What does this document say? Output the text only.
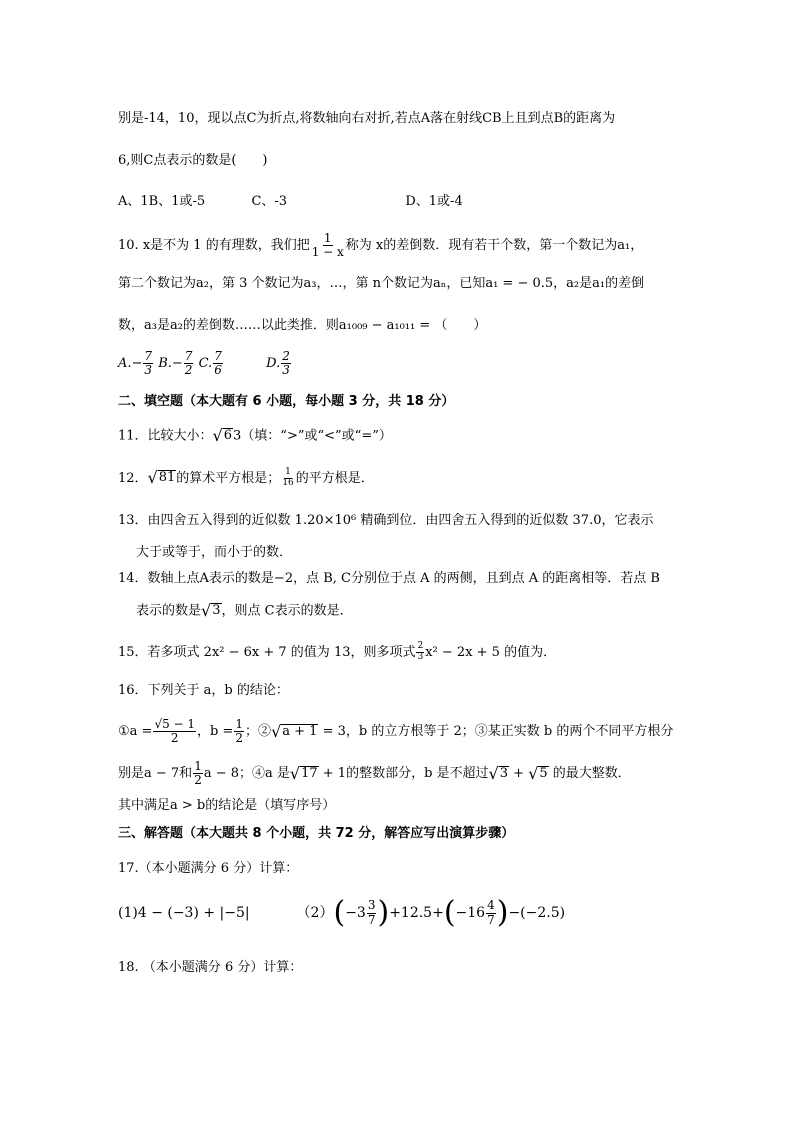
别是-14，10，现以点C为折点,将数轴向右对折,若点A落在射线CB上且到点B的距离为
6,则C点表示的数是(　　)
A、1B、1或-5	C、-3	D、1或-4
10. x是不为 1 的有理数，我们把 $\frac{1}{1 - x}$ 称为 x的差倒数．现有若干个数，第一个数记为a₁，
第二个数记为a₂，第 3 个数记为a₃，…，第 n个数记为aₙ，已知a₁ = − 0.5，a₂是a₁的差倒
数，a₃是a₂的差倒数……以此类推．则a₁₀₀₉ − a₁₀₁₁ = （　　）
$A.- \frac{7}{3} B.- \frac{7}{2} C$. $\frac{7}{6}$	D. $\frac{2}{3}$
二、填空题（本大题有 6 小题，每小题 3 分，共 18 分）
11．比较大小： √ 6 3（填：“>”或“<”或“=”）
12． √ 81 的算术平方根是； $\frac{1}{16}$ 的平方根是．
13．由四舍五入得到的近似数 1.20×10⁶ 精确到位．由四舍五入得到的近似数 37.0，它表示
大于或等于，而小于的数．
14．数轴上点A表示的数是−2，点 B, C分别位于点 A 的两侧，且到点 A 的距离相等．若点 B
表示的数是 √ 3 ，则点 C表示的数是．
15．若多项式 2x² − 6x + 7 的值为 13，则多项式 $\frac{2}{3} x^2 - 2x + 5$ 的值为．
16．下列关于 a，b 的结论：
①a = $\frac{√5 - 1}{2}$ ，$b = \frac{1}{2}$ ；② √ a + 1 = 3，b 的立方根等于 2；③某正实数 b 的两个不同平方根分
别是a − 7和 $\frac{1}{2}$ a − 8；④a 是 √ 17 + 1的整数部分，b 是不超过 √ 3 + √ 5 的最大整数．
其中满足a > b的结论是（填写序号）
三、解答题（本大题共 8 个小题，共 72 分，解答应写出演算步骤）
17.（本小题满分 6 分）计算：
(1)4 − (−3) + |−5|	$(2)(-3 \frac{3}{7} )+12.5+(-16 \frac{4}{7} )-(-2.5)$
18. （本小题满分 6 分）计算：
